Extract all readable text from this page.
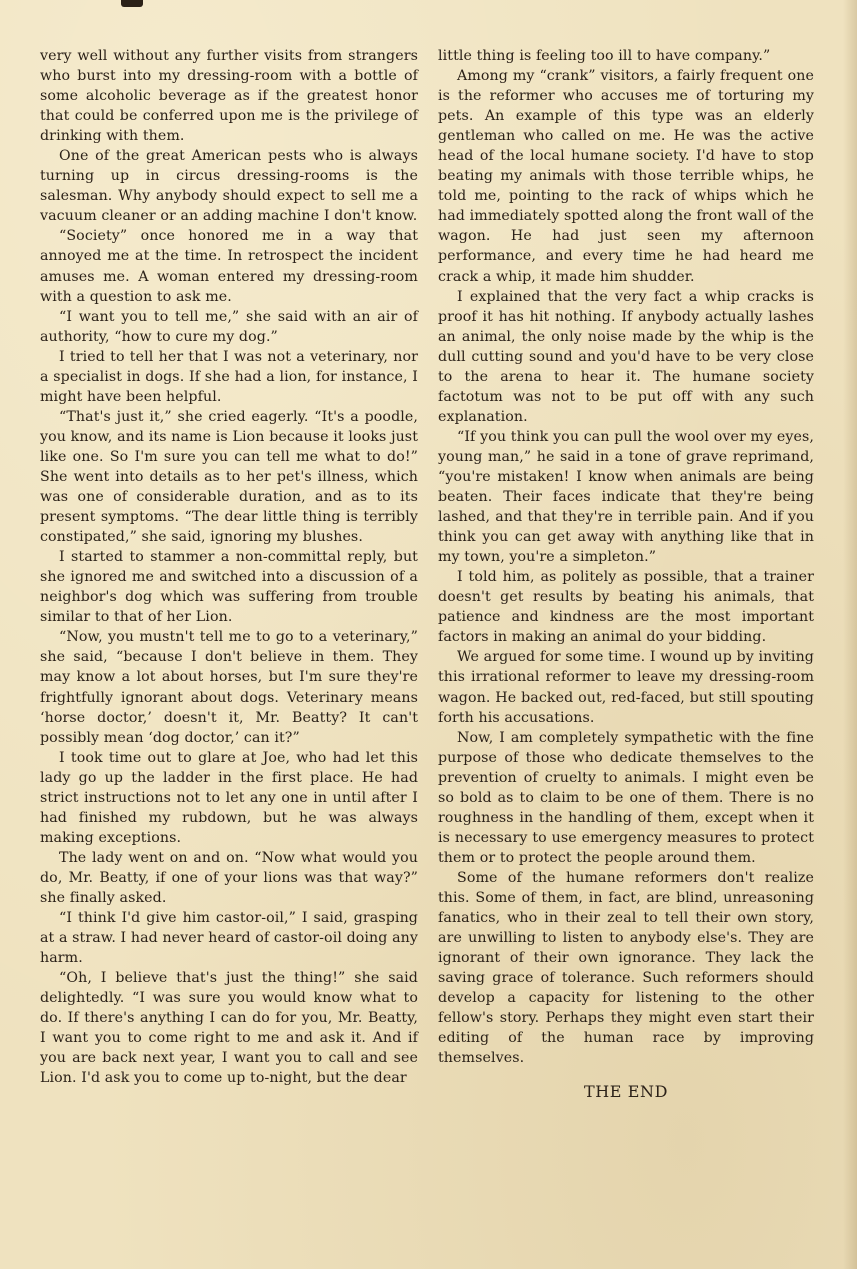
very well without any further visits from strangers who burst into my dressing-room with a bottle of some alcoholic beverage as if the greatest honor that could be conferred upon me is the privilege of drinking with them.

One of the great American pests who is always turning up in circus dressing-rooms is the salesman. Why anybody should expect to sell me a vacuum cleaner or an adding machine I don't know.

“Society” once honored me in a way that annoyed me at the time. In retrospect the incident amuses me. A woman entered my dressing-room with a question to ask me.

“I want you to tell me,” she said with an air of authority, “how to cure my dog.”

I tried to tell her that I was not a veterinary, nor a specialist in dogs. If she had a lion, for instance, I might have been helpful.

“That's just it,” she cried eagerly. “It's a poodle, you know, and its name is Lion because it looks just like one. So I'm sure you can tell me what to do!” She went into details as to her pet's illness, which was one of considerable duration, and as to its present symptoms. “The dear little thing is terribly constipated,” she said, ignoring my blushes.

I started to stammer a non-committal reply, but she ignored me and switched into a discussion of a neighbor's dog which was suffering from trouble similar to that of her Lion.

“Now, you mustn't tell me to go to a veterinary,” she said, “because I don't believe in them. They may know a lot about horses, but I'm sure they're frightfully ignorant about dogs. Veterinary means ‘horse doctor,’ doesn't it, Mr. Beatty? It can't possibly mean ‘dog doctor,’ can it?”

I took time out to glare at Joe, who had let this lady go up the ladder in the first place. He had strict instructions not to let any one in until after I had finished my rubdown, but he was always making exceptions.

The lady went on and on. “Now what would you do, Mr. Beatty, if one of your lions was that way?” she finally asked.

“I think I'd give him castor-oil,” I said, grasping at a straw. I had never heard of castor-oil doing any harm.

“Oh, I believe that's just the thing!” she said delightedly. “I was sure you would know what to do. If there's anything I can do for you, Mr. Beatty, I want you to come right to me and ask it. And if you are back next year, I want you to call and see Lion. I'd ask you to come up to-night, but the dear

little thing is feeling too ill to have company.”

Among my “crank” visitors, a fairly frequent one is the reformer who accuses me of torturing my pets. An example of this type was an elderly gentleman who called on me. He was the active head of the local humane society. I'd have to stop beating my animals with those terrible whips, he told me, pointing to the rack of whips which he had immediately spotted along the front wall of the wagon. He had just seen my afternoon performance, and every time he had heard me crack a whip, it made him shudder.

I explained that the very fact a whip cracks is proof it has hit nothing. If anybody actually lashes an animal, the only noise made by the whip is the dull cutting sound and you'd have to be very close to the arena to hear it. The humane society factotum was not to be put off with any such explanation.

“If you think you can pull the wool over my eyes, young man,” he said in a tone of grave reprimand, “you're mistaken! I know when animals are being beaten. Their faces indicate that they're being lashed, and that they're in terrible pain. And if you think you can get away with anything like that in my town, you're a simpleton.”

I told him, as politely as possible, that a trainer doesn't get results by beating his animals, that patience and kindness are the most important factors in making an animal do your bidding.

We argued for some time. I wound up by inviting this irrational reformer to leave my dressing-room wagon. He backed out, red-faced, but still spouting forth his accusations.

Now, I am completely sympathetic with the fine purpose of those who dedicate themselves to the prevention of cruelty to animals. I might even be so bold as to claim to be one of them. There is no roughness in the handling of them, except when it is necessary to use emergency measures to protect them or to protect the people around them.

Some of the humane reformers don't realize this. Some of them, in fact, are blind, unreasoning fanatics, who in their zeal to tell their own story, are unwilling to listen to anybody else's. They are ignorant of their own ignorance. They lack the saving grace of tolerance. Such reformers should develop a capacity for listening to the other fellow's story. Perhaps they might even start their editing of the human race by improving themselves.

THE END
